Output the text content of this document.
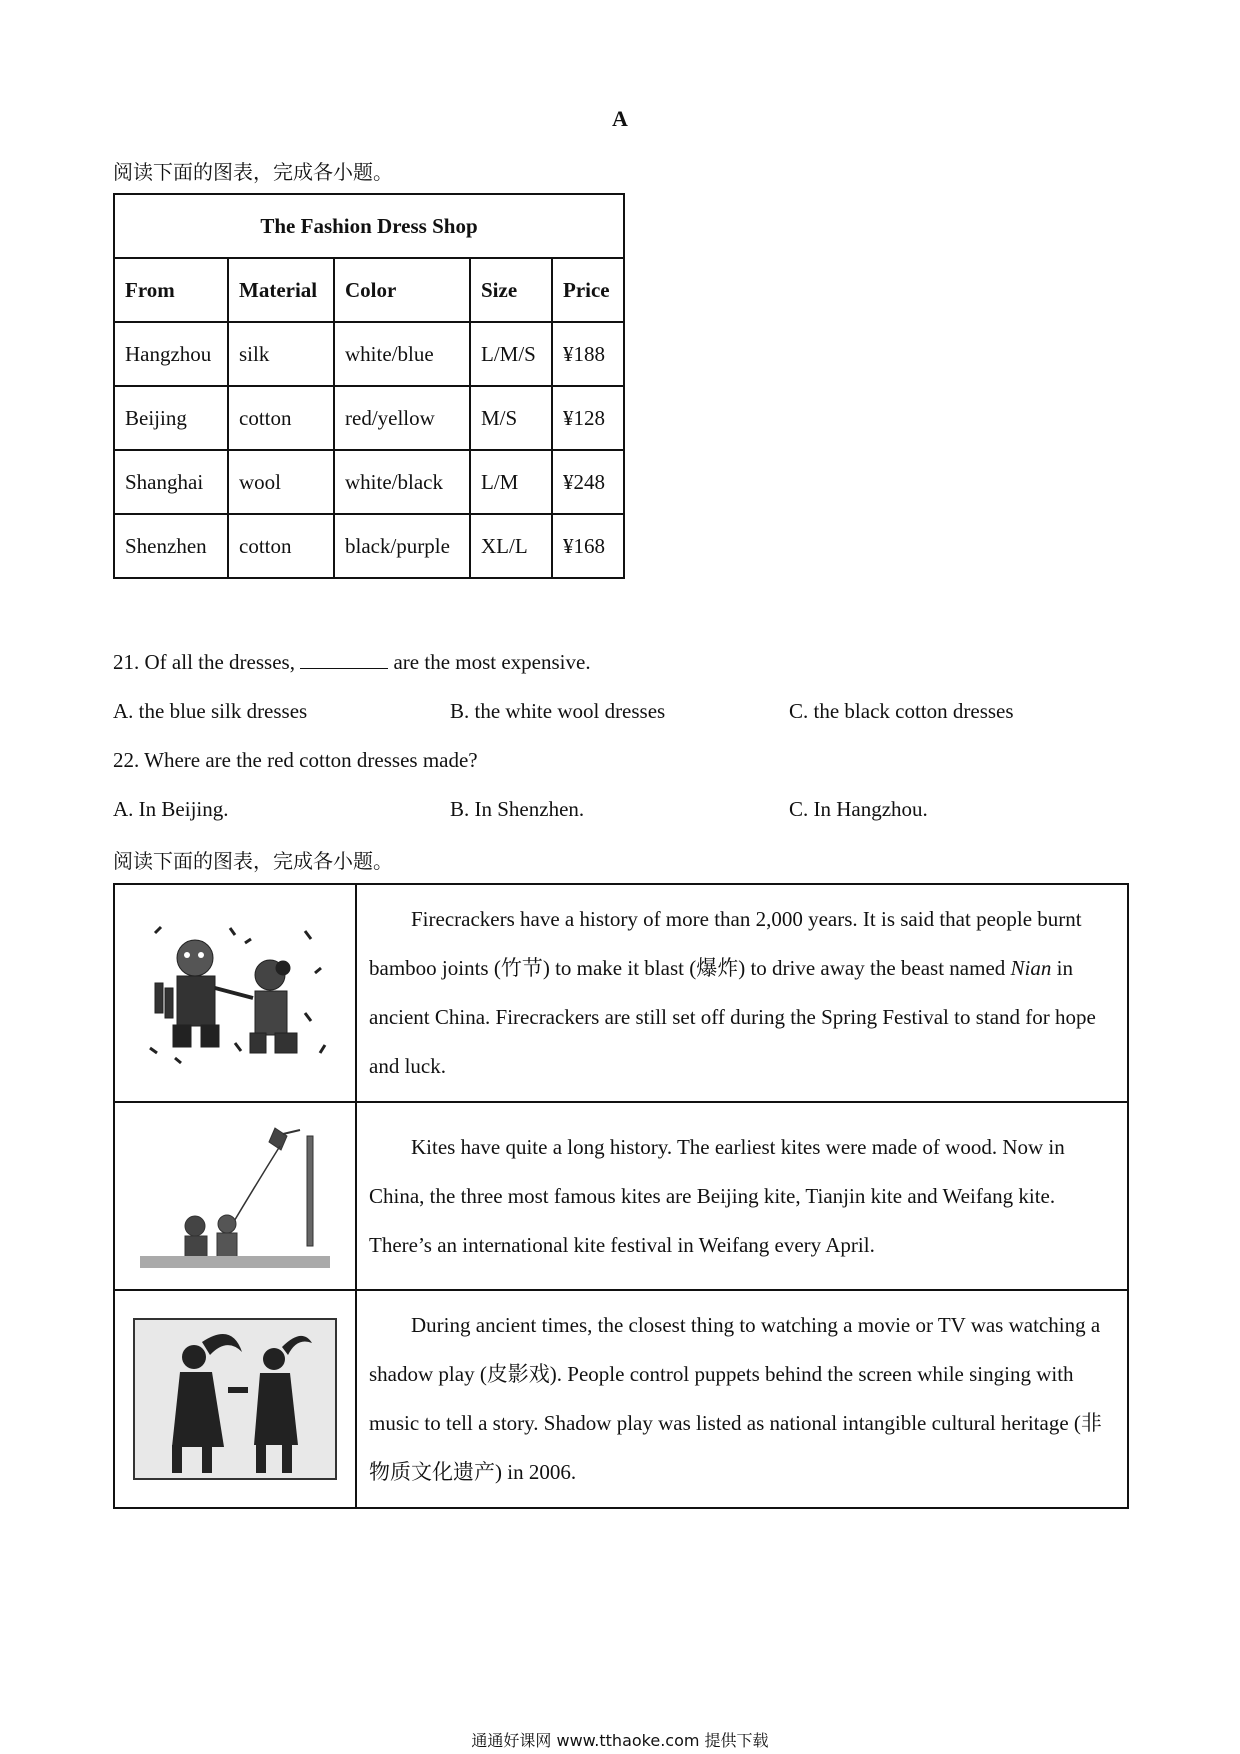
A
阅读下面的图表，完成各小题。
The Fashion Dress Shop				
From	Material	Color	Size	Price
Hangzhou	silk	white/blue	L/M/S	¥188
Beijing	cotton	red/yellow	M/S	¥128
Shanghai	wool	white/black	L/M	¥248
Shenzhen	cotton	black/purple	XL/L	¥168
21. Of all the dresses,	are the most expensive.
A. the blue silk dresses	B. the white wool dresses	C. the black cotton dresses
22. Where are the red cotton dresses made?
A. In Beijing.	B. In Shenzhen.	C. In Hangzhou.
阅读下面的图表，完成各小题。
	Firecrackers have a history of more than 2,000 years. It is said that people burnt bamboo joints (竹节) to make it blast (爆炸) to drive away the beast named Nian in ancient China. Firecrackers are still set off during the Spring Festival to stand for hope and luck.

	Kites have quite a long history. The earliest kites were made of wood. Now in China, the three most famous kites are Beijing kite, Tianjin kite and Weifang kite. There’s an international kite festival in Weifang every April.

	During ancient times, the closest thing to watching a movie or TV was watching a shadow play (皮影戏). People control puppets behind the screen while singing with music to tell a story. Shadow play was listed as national intangible cultural heritage (非物质文化遗产) in 2006.
通通好课网 www.tthaoke.com 提供下载
